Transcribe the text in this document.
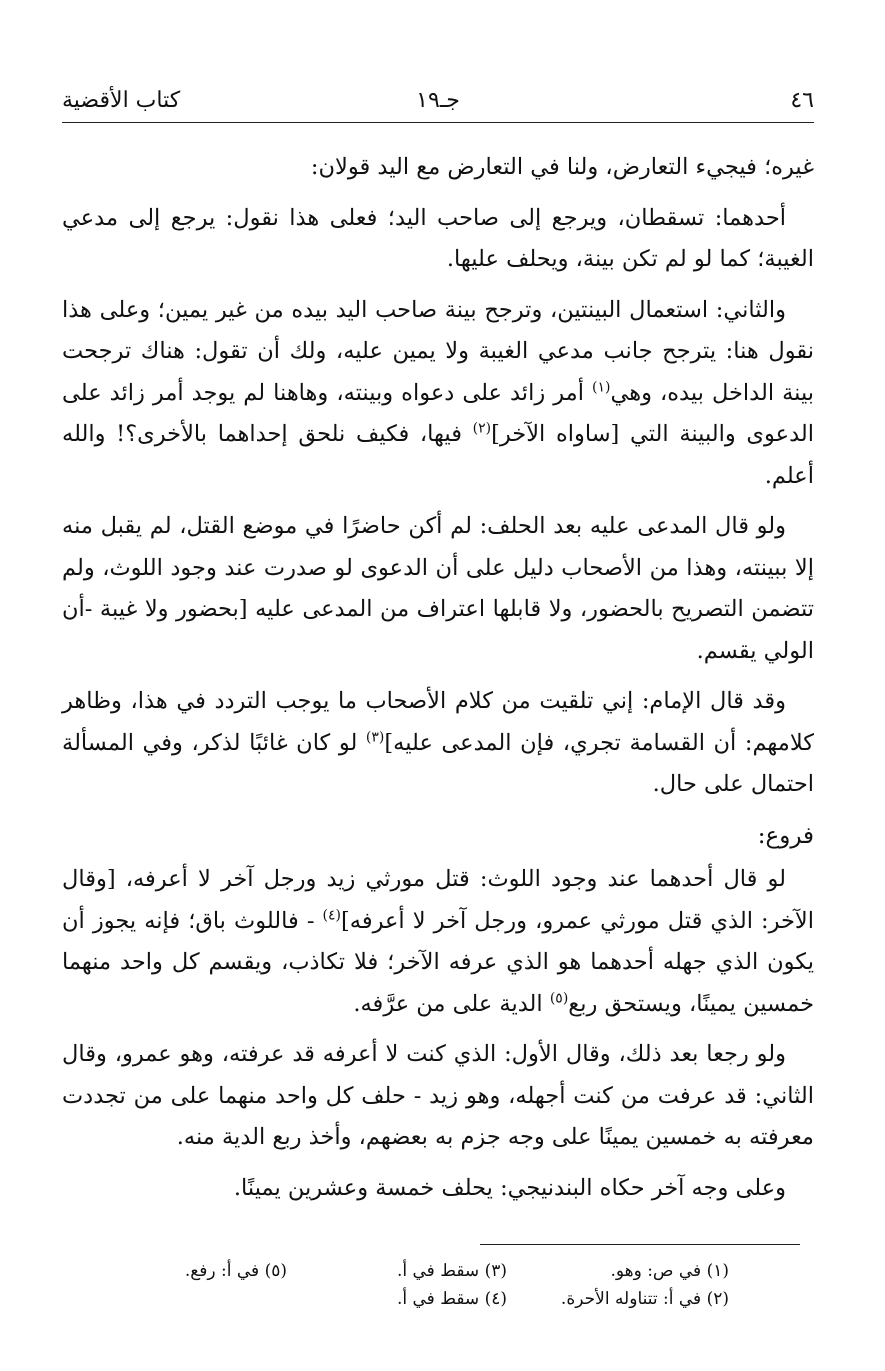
٤٦
جـ١٩
كتاب الأقضية

غيره؛ فيجيء التعارض، ولنا في التعارض مع اليد قولان:

أحدهما: تسقطان، ويرجع إلى صاحب اليد؛ فعلى هذا نقول: يرجع إلى مدعي الغيبة؛ كما لو لم تكن بينة، ويحلف عليها.

والثاني: استعمال البينتين، وترجح بينة صاحب اليد بيده من غير يمين؛ وعلى هذا نقول هنا: يترجح جانب مدعي الغيبة ولا يمين عليه، ولك أن تقول: هناك ترجحت بينة الداخل بيده، وهي$^{(١)}$ أمر زائد على دعواه وبينته، وهاهنا لم يوجد أمر زائد على الدعوى والبينة التي [ساواه الآخر]$^{(٢)}$ فيها، فكيف نلحق إحداهما بالأخرى؟! والله أعلم.

ولو قال المدعى عليه بعد الحلف: لم أكن حاضرًا في موضع القتل، لم يقبل منه إلا ببينته، وهذا من الأصحاب دليل على أن الدعوى لو صدرت عند وجود اللوث، ولم تتضمن التصريح بالحضور، ولا قابلها اعتراف من المدعى عليه [بحضور ولا غيبة -أن الولي يقسم.

وقد قال الإمام: إني تلقيت من كلام الأصحاب ما يوجب التردد في هذا، وظاهر كلامهم: أن القسامة تجري، فإن المدعى عليه]$^{(٣)}$ لو كان غائبًا لذكر، وفي المسألة احتمال على حال.

فروع:

لو قال أحدهما عند وجود اللوث: قتل مورثي زيد ورجل آخر لا أعرفه، [وقال الآخر: الذي قتل مورثي عمرو، ورجل آخر لا أعرفه]$^{(٤)}$ - فاللوث باق؛ فإنه يجوز أن يكون الذي جهله أحدهما هو الذي عرفه الآخر؛ فلا تكاذب، ويقسم كل واحد منهما خمسين يمينًا، ويستحق ربع$^{(٥)}$ الدية على من عرَّفه.

ولو رجعا بعد ذلك، وقال الأول: الذي كنت لا أعرفه قد عرفته، وهو عمرو، وقال الثاني: قد عرفت من كنت أجهله، وهو زيد - حلف كل واحد منهما على من تجددت معرفته به خمسين يمينًا على وجه جزم به بعضهم، وأخذ ربع الدية منه.

وعلى وجه آخر حكاه البندنيجي: يحلف خمسة وعشرين يمينًا.

(١) في ص: وهو.
(٢) في أ: تتناوله الأحرة.
(٣) سقط في أ.
(٤) سقط في أ.
(٥) في أ: رفع.
